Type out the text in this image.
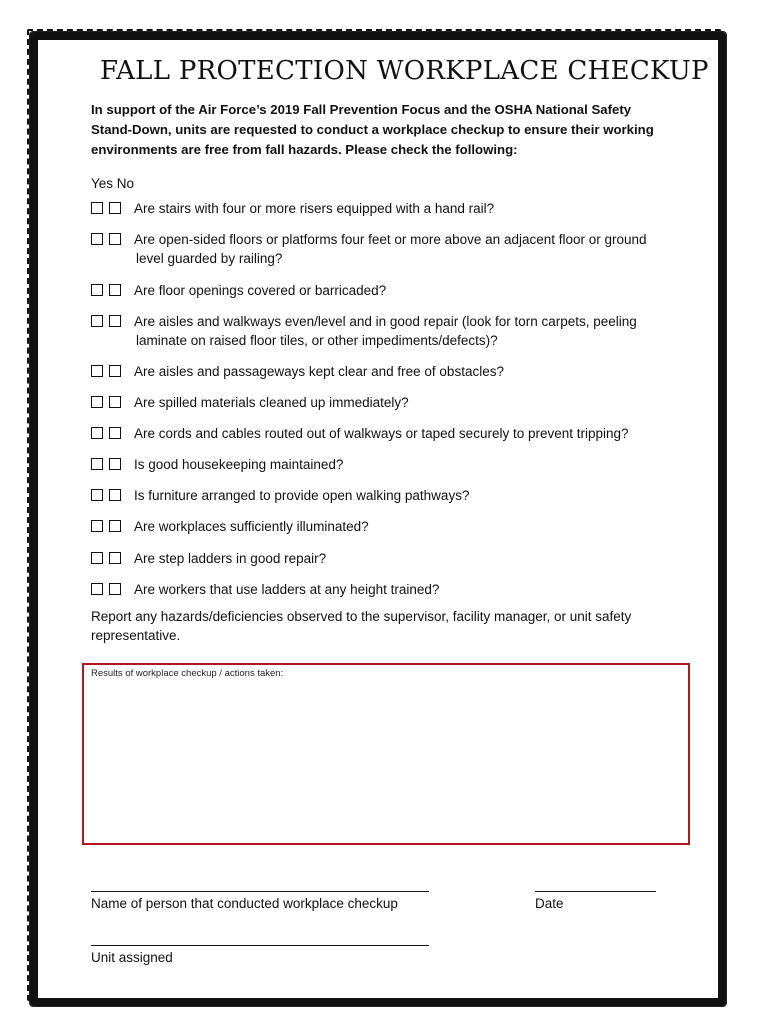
FALL PROTECTION WORKPLACE CHECKUP
In support of the Air Force’s 2019 Fall Prevention Focus and the OSHA National Safety Stand-Down, units are requested to conduct a workplace checkup to ensure their working environments are free from fall hazards. Please check the following:
Yes No
Are stairs with four or more risers equipped with a hand rail?
Are open-sided floors or platforms four feet or more above an adjacent floor or ground
level guarded by railing?
Are floor openings covered or barricaded?
Are aisles and walkways even/level and in good repair (look for torn carpets, peeling
laminate on raised floor tiles, or other impediments/defects)?
Are aisles and passageways kept clear and free of obstacles?
Are spilled materials cleaned up immediately?
Are cords and cables routed out of walkways or taped securely to prevent tripping?
Is good housekeeping maintained?
Is furniture arranged to provide open walking pathways?
Are workplaces sufficiently illuminated?
Are step ladders in good repair?
Are workers that use ladders at any height trained?
Report any hazards/deficiencies observed to the supervisor, facility manager, or unit safety representative.
Results of workplace checkup / actions taken:
Name of person that conducted workplace checkup	Date
Unit assigned
